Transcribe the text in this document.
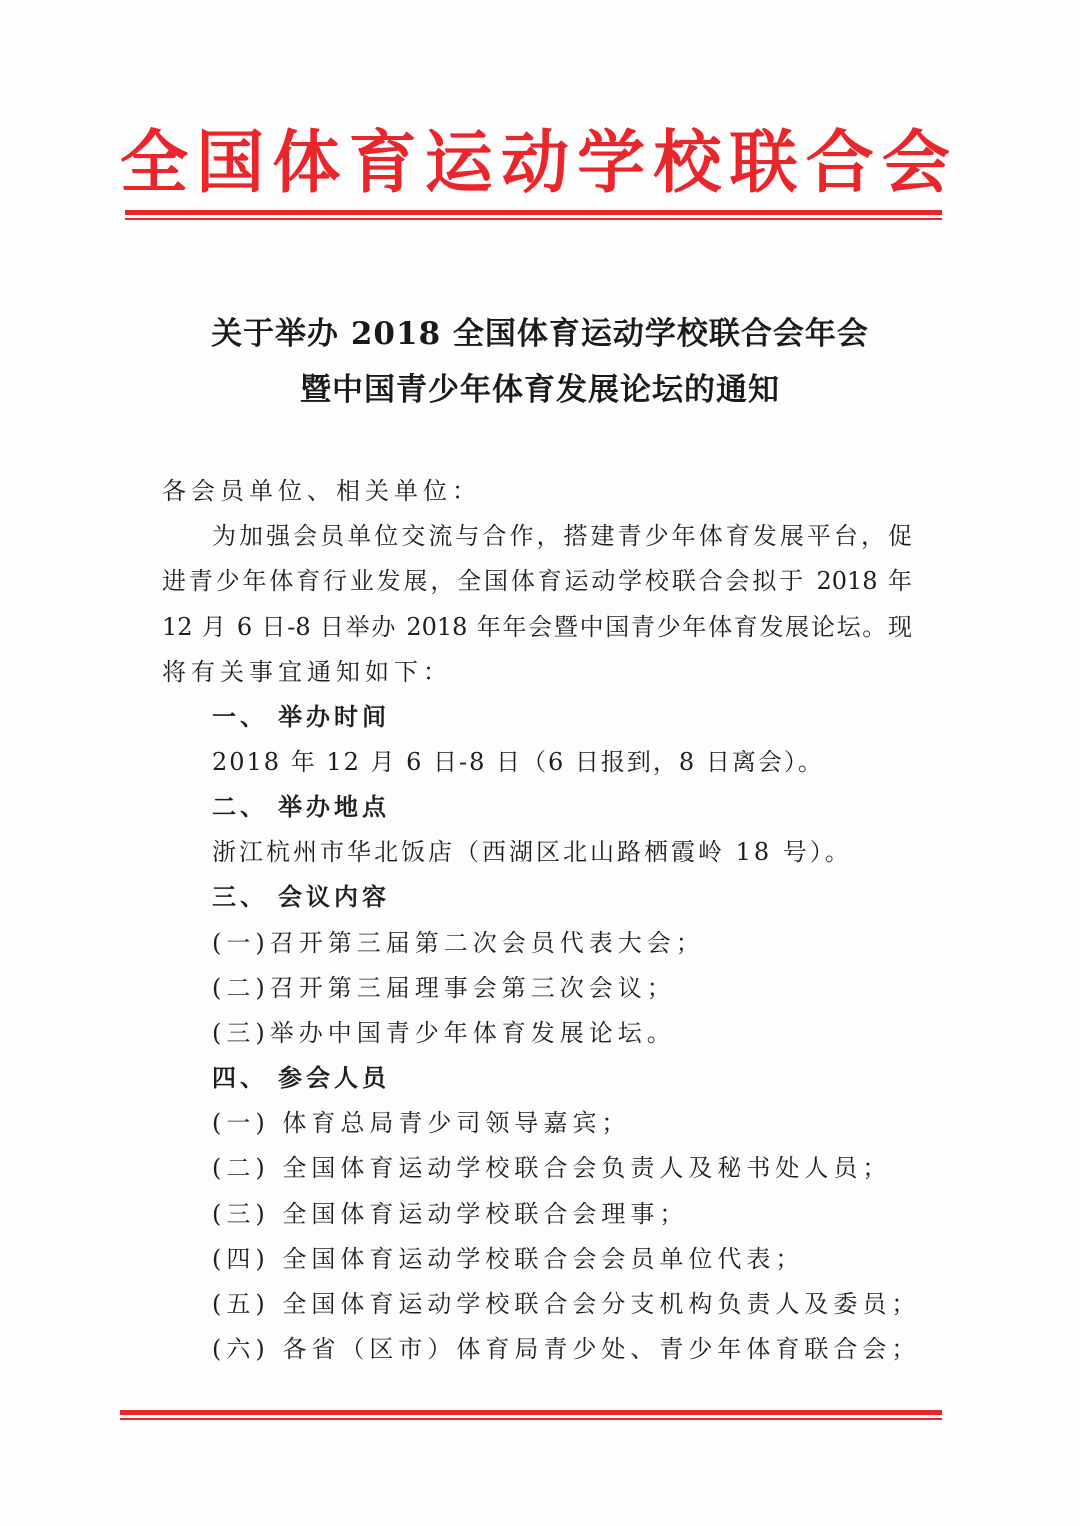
全 国 体 育 运 动 学 校 联 合 会
关于举办 2018 全国体育运动学校联合会年会
暨中国青少年体育发展论坛的通知
各会员单位、相关单位：
为加强会员单位交流与合作，搭建青少年体育发展平台，促
进青少年体育行业发展，全国体育运动学校联合会拟于 2018 年
12 月 6 日-8 日举办 2018 年年会暨中国青少年体育发展论坛。现
将有关事宜通知如下：
一、 举办时间
2018 年 12 月 6 日-8 日（6 日报到，8 日离会）。
二、 举办地点
浙江杭州市华北饭店（西湖区北山路栖霞岭 18 号）。
三、 会议内容
(一)召开第三届第二次会员代表大会；
(二)召开第三届理事会第三次会议；
(三)举办中国青少年体育发展论坛。
四、 参会人员
(一) 体育总局青少司领导嘉宾；
(二) 全国体育运动学校联合会负责人及秘书处人员；
(三) 全国体育运动学校联合会理事；
(四) 全国体育运动学校联合会会员单位代表；
(五) 全国体育运动学校联合会分支机构负责人及委员；
(六) 各省（区市）体育局青少处、青少年体育联合会；
